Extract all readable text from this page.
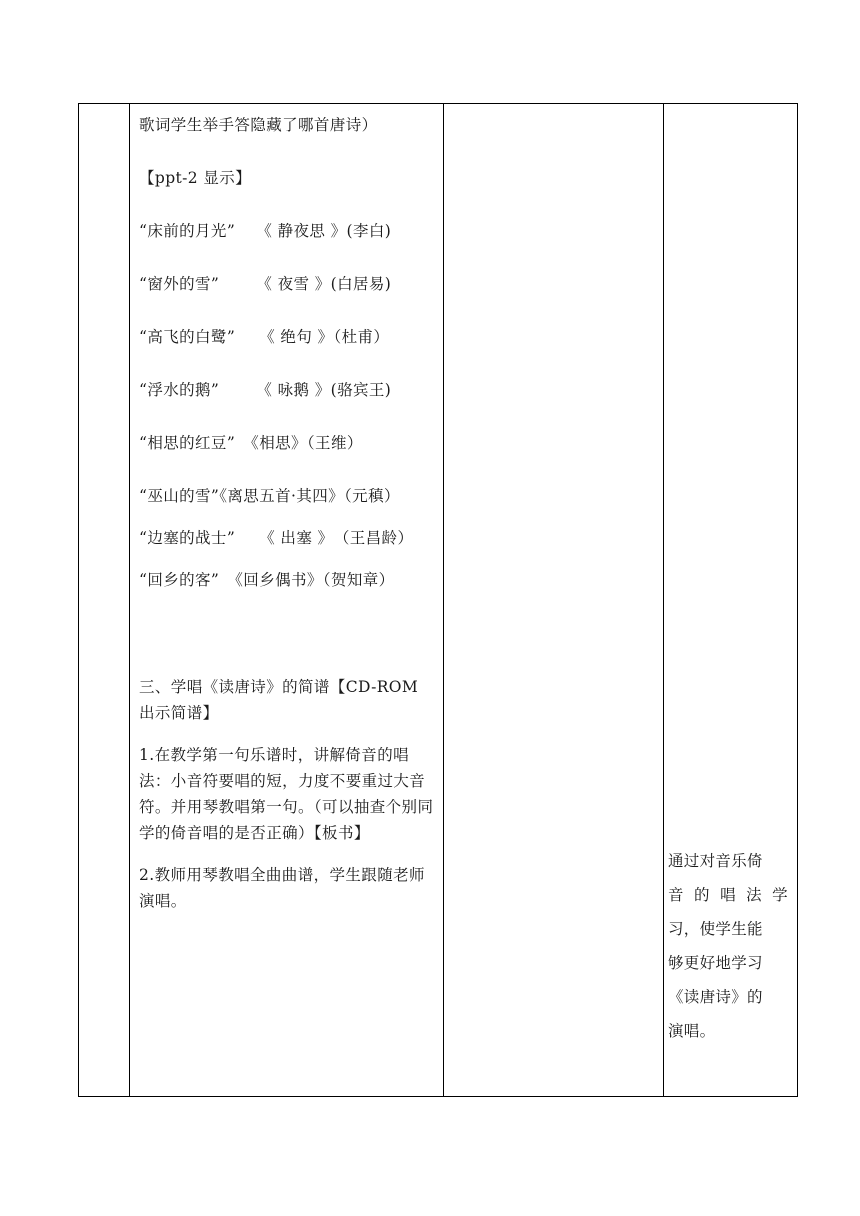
歌词学生举手答隐藏了哪首唐诗）

【ppt-2 显示】

“床前的月光”　 《 静夜思 》(李白)

“窗外的雪”　　 《 夜雪 》(白居易)

“高飞的白鹭”　　《 绝句 》（杜甫）

“浮水的鹅”　　 《 咏鹅 》(骆宾王)

“相思的红豆”　《相思》（王维）

“巫山的雪”《离思五首·其四》（元稹）

“边塞的战士”　　《 出塞 》　（王昌龄）

“回乡的客”　《回乡偶书》（贺知章）

三、学唱《读唐诗》的简谱【CD-ROM出示简谱】

1.在教学第一句乐谱时，讲解倚音的唱法：小音符要唱的短，力度不要重过大音符。并用琴教唱第一句。（可以抽查个别同学的倚音唱的是否正确）【板书】

2.教师用琴教唱全曲曲谱，学生跟随老师演唱。

通过对音乐倚
音的唱法学
习，使学生能
够更好地学习
《读唐诗》的
演唱。
